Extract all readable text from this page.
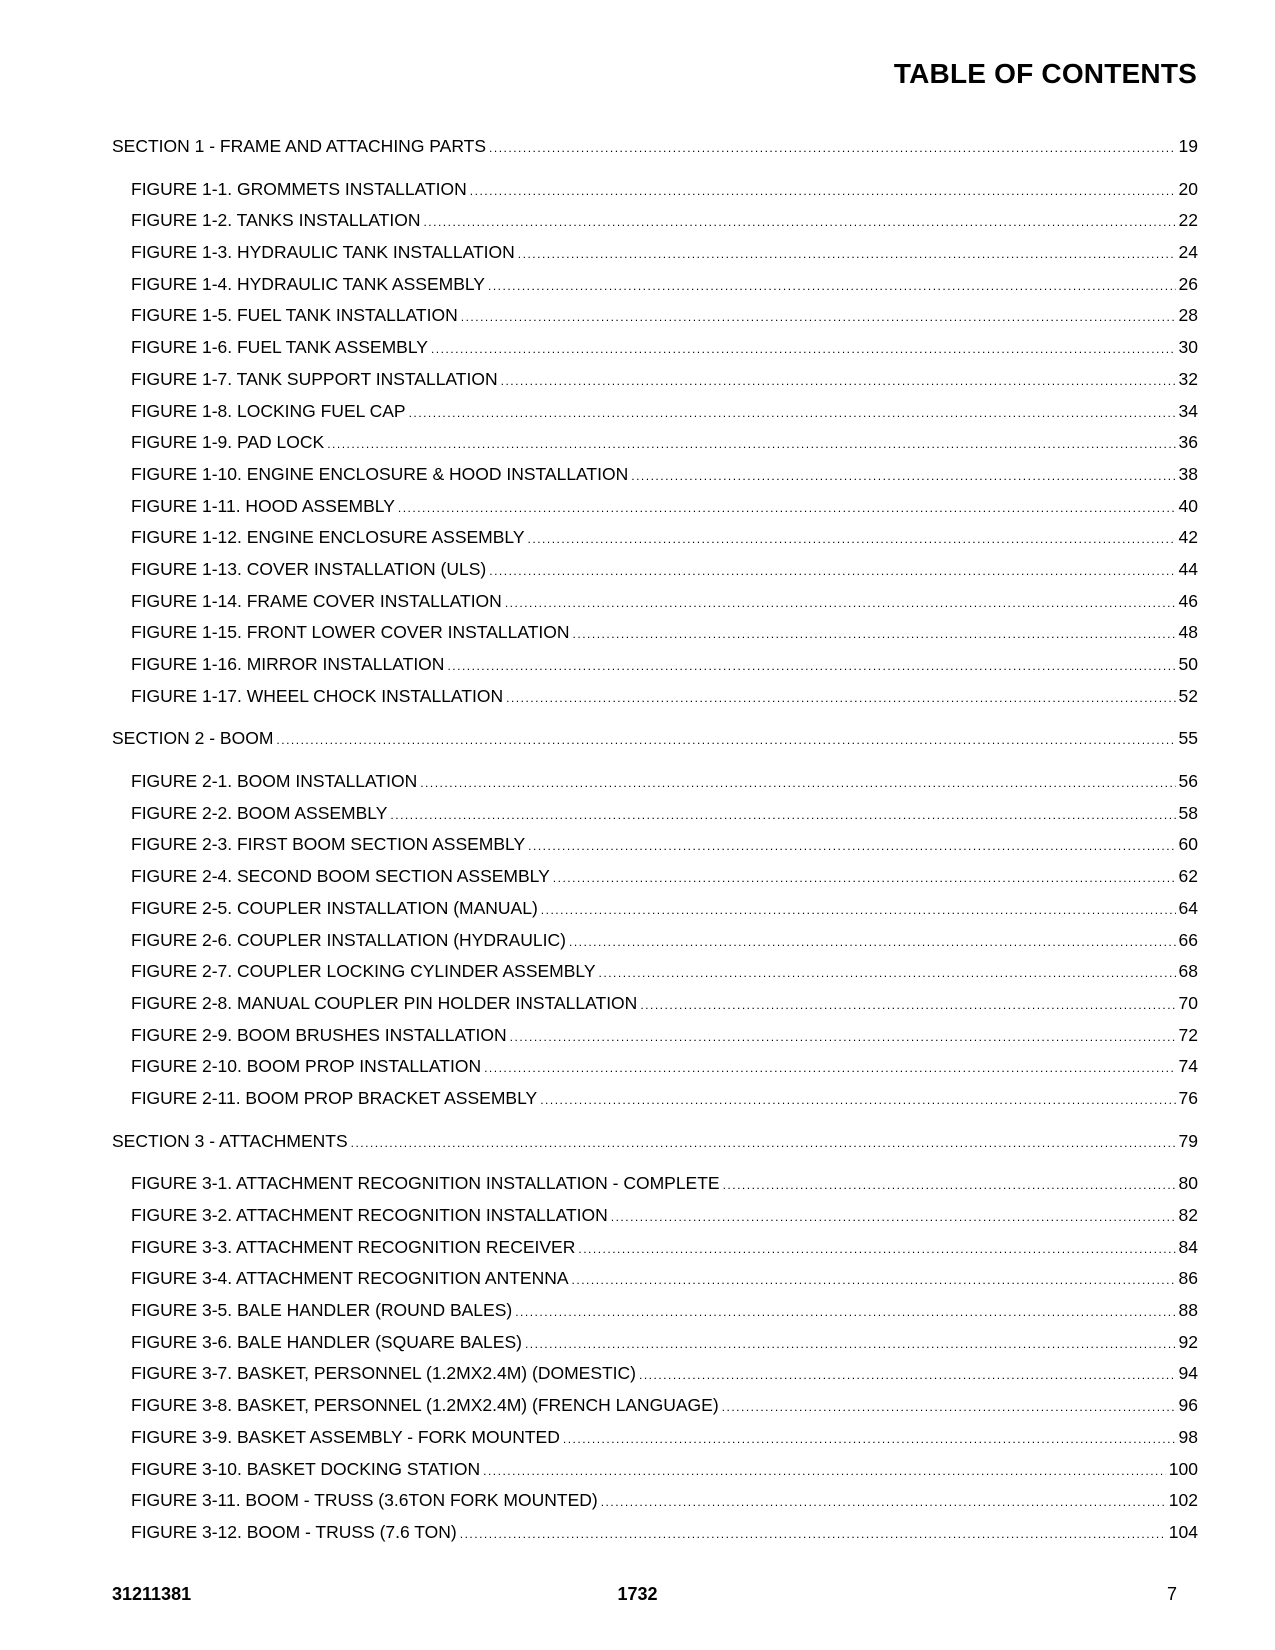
TABLE OF CONTENTS
SECTION 1 - FRAME AND ATTACHING PARTS .....	19
FIGURE 1-1. GROMMETS INSTALLATION .....	20
FIGURE 1-2. TANKS INSTALLATION .....	22
FIGURE 1-3. HYDRAULIC TANK INSTALLATION .....	24
FIGURE 1-4. HYDRAULIC TANK ASSEMBLY .....	26
FIGURE 1-5. FUEL TANK INSTALLATION .....	28
FIGURE 1-6. FUEL TANK ASSEMBLY .....	30
FIGURE 1-7. TANK SUPPORT INSTALLATION .....	32
FIGURE 1-8. LOCKING FUEL CAP .....	34
FIGURE 1-9. PAD LOCK .....	36
FIGURE 1-10. ENGINE ENCLOSURE & HOOD INSTALLATION .....	38
FIGURE 1-11. HOOD ASSEMBLY .....	40
FIGURE 1-12. ENGINE ENCLOSURE ASSEMBLY .....	42
FIGURE 1-13. COVER INSTALLATION (ULS) .....	44
FIGURE 1-14. FRAME COVER INSTALLATION .....	46
FIGURE 1-15. FRONT LOWER COVER INSTALLATION .....	48
FIGURE 1-16. MIRROR INSTALLATION .....	50
FIGURE 1-17. WHEEL CHOCK INSTALLATION .....	52
SECTION 2 - BOOM .....	55
FIGURE 2-1. BOOM INSTALLATION .....	56
FIGURE 2-2. BOOM ASSEMBLY .....	58
FIGURE 2-3. FIRST BOOM SECTION ASSEMBLY .....	60
FIGURE 2-4. SECOND BOOM SECTION ASSEMBLY .....	62
FIGURE 2-5. COUPLER INSTALLATION (MANUAL) .....	64
FIGURE 2-6. COUPLER INSTALLATION (HYDRAULIC) .....	66
FIGURE 2-7. COUPLER LOCKING CYLINDER ASSEMBLY .....	68
FIGURE 2-8. MANUAL COUPLER PIN HOLDER INSTALLATION .....	70
FIGURE 2-9. BOOM BRUSHES INSTALLATION .....	72
FIGURE 2-10. BOOM PROP INSTALLATION .....	74
FIGURE 2-11. BOOM PROP BRACKET ASSEMBLY .....	76
SECTION 3 - ATTACHMENTS .....	79
FIGURE 3-1. ATTACHMENT RECOGNITION INSTALLATION - COMPLETE .....	80
FIGURE 3-2. ATTACHMENT RECOGNITION INSTALLATION .....	82
FIGURE 3-3. ATTACHMENT RECOGNITION RECEIVER .....	84
FIGURE 3-4. ATTACHMENT RECOGNITION ANTENNA .....	86
FIGURE 3-5. BALE HANDLER (ROUND BALES) .....	88
FIGURE 3-6. BALE HANDLER (SQUARE BALES) .....	92
FIGURE 3-7. BASKET, PERSONNEL (1.2MX2.4M) (DOMESTIC) .....	94
FIGURE 3-8. BASKET, PERSONNEL (1.2MX2.4M) (FRENCH LANGUAGE) .....	96
FIGURE 3-9. BASKET ASSEMBLY - FORK MOUNTED .....	98
FIGURE 3-10. BASKET DOCKING STATION .....	100
FIGURE 3-11. BOOM - TRUSS (3.6TON FORK MOUNTED) .....	102
FIGURE 3-12. BOOM - TRUSS (7.6 TON) .....	104
31211381	1732	7
